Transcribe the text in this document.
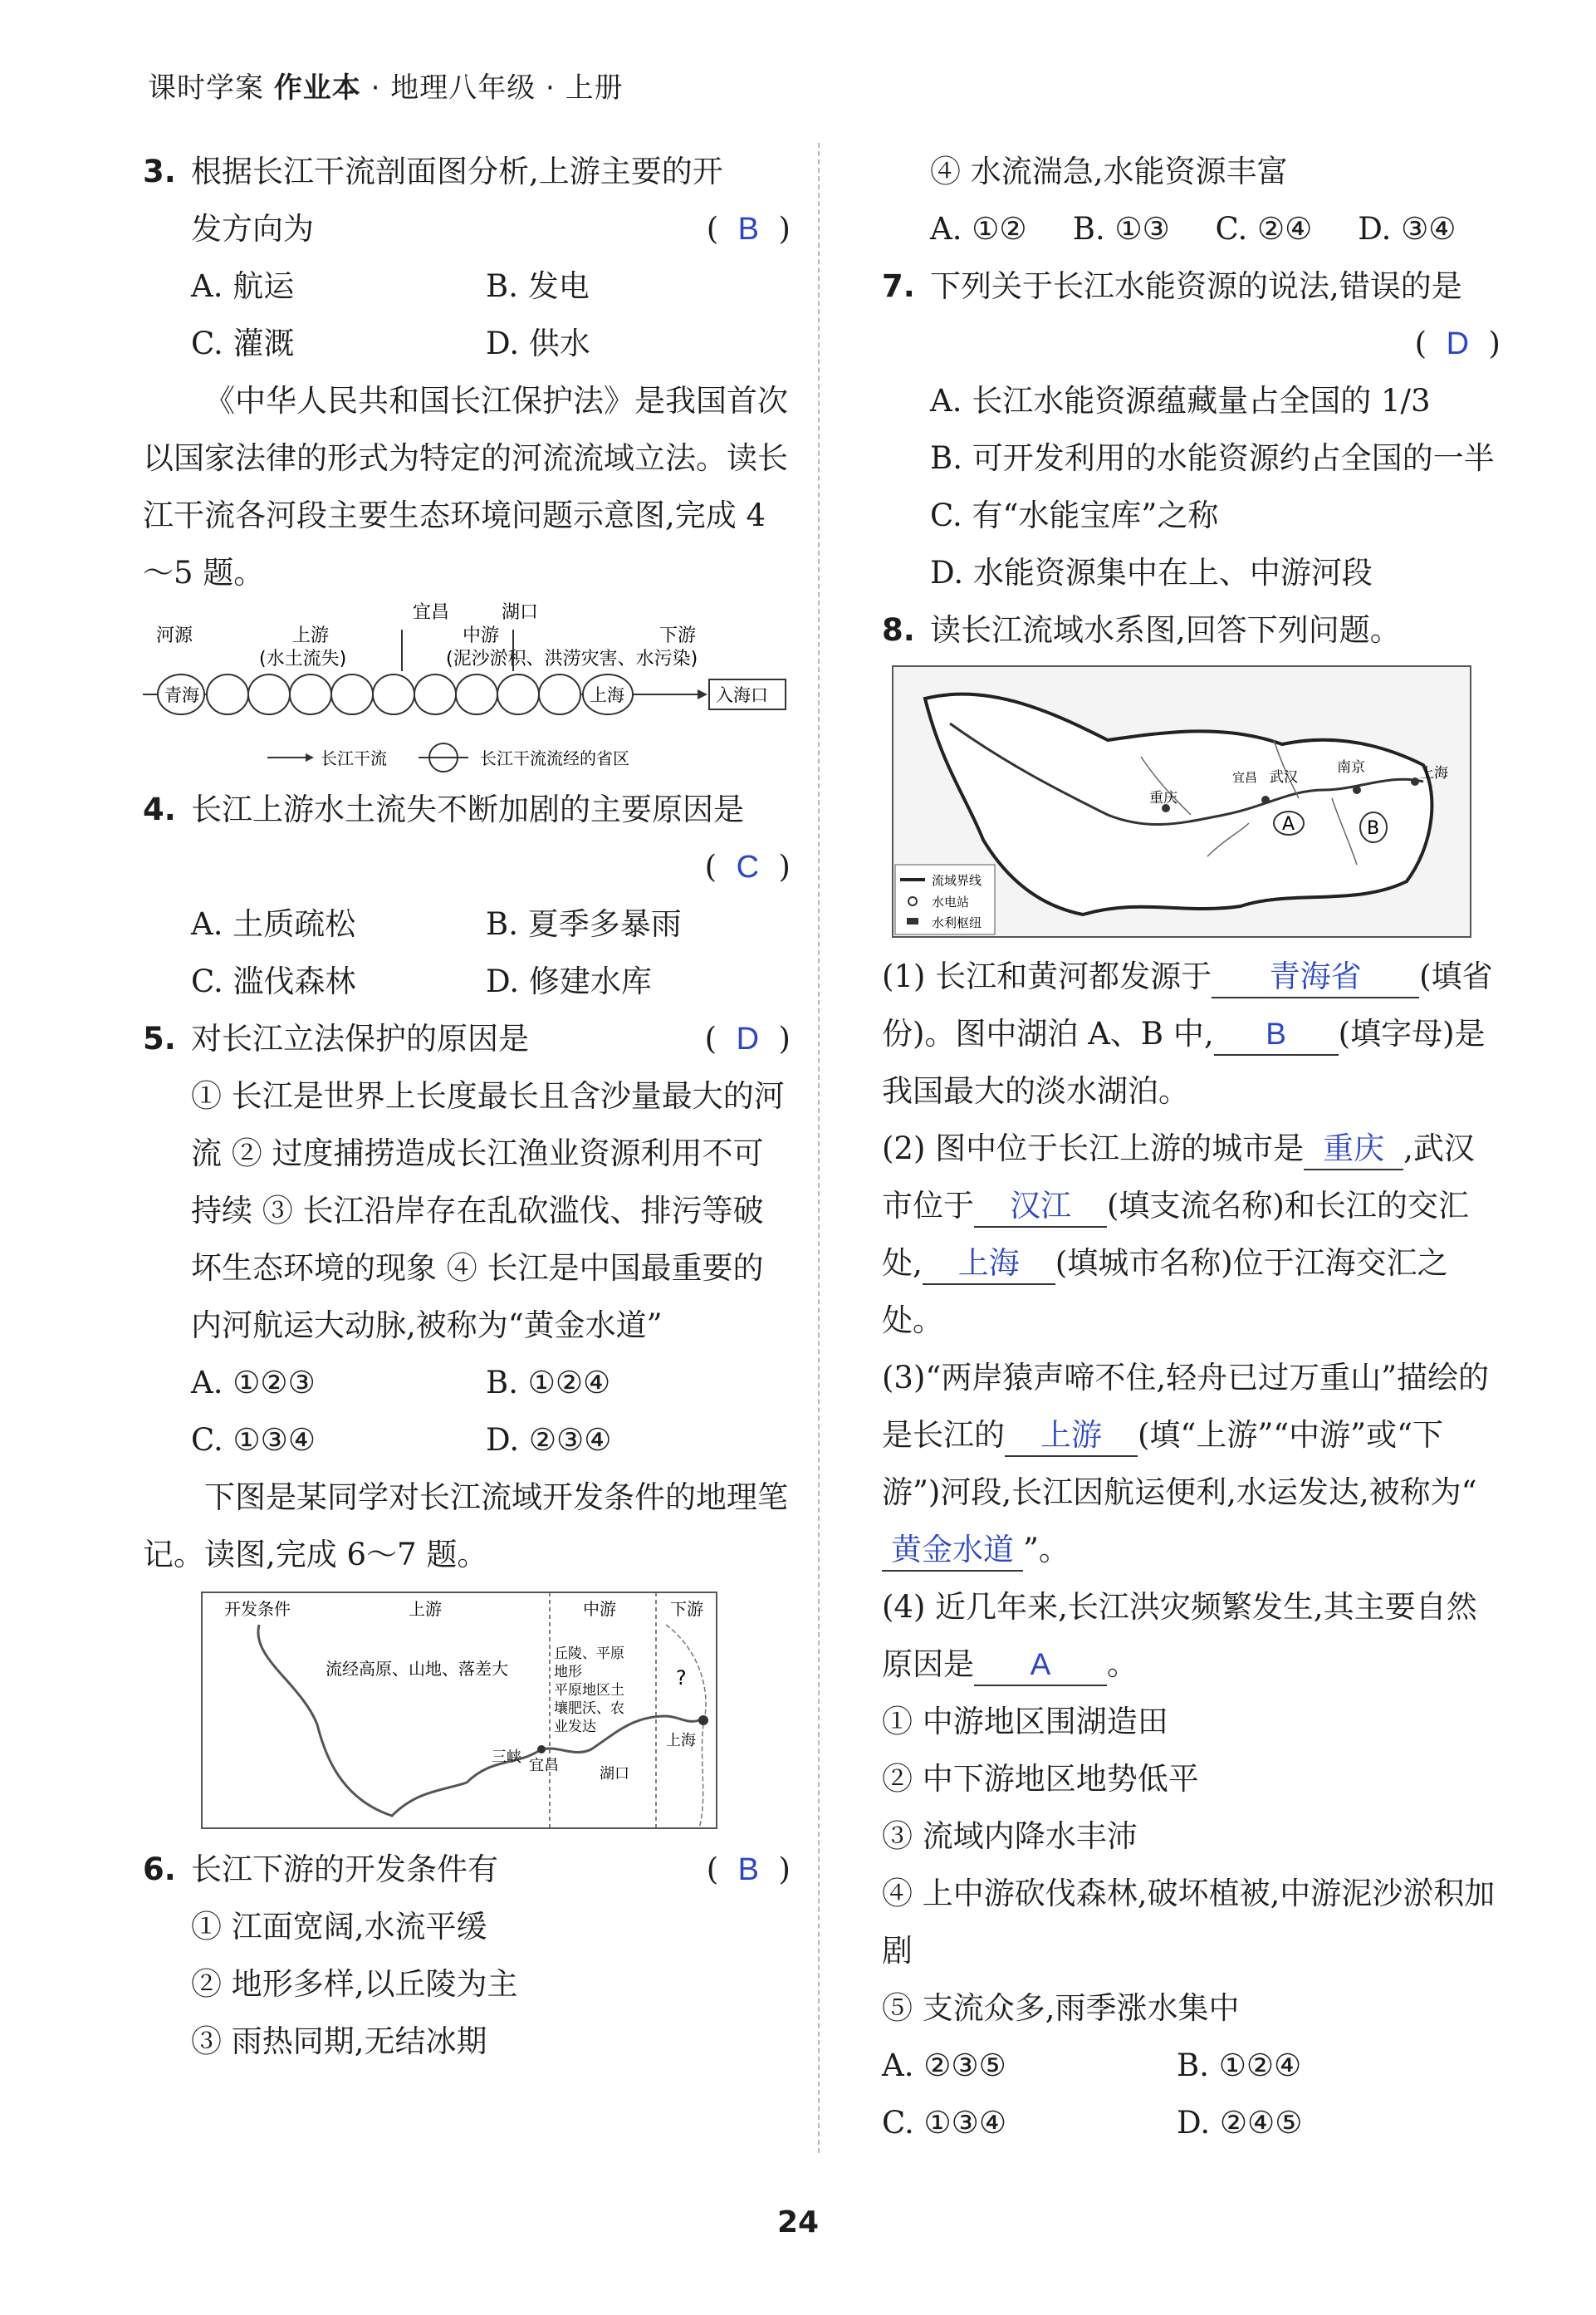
课时学案 作业本 · 地理八年级 · 上册
3. 根据长江干流剖面图分析,上游主要的开
发方向为	(  B  )
A. 航运	B. 发电
C. 灌溉	D. 供水
《中华人民共和国长江保护法》是我国首次以国家法律的形式为特定的河流流域立法。读长江干流各河段主要生态环境问题示意图,完成 4～5 题。
河源	上游
(水土流失)
宜昌	湖口
中游	下游
(泥沙淤积、洪涝灾害、水污染)
青海	上海	入海口
长江干流	长江干流流经的省区
4. 长江上游水土流失不断加剧的主要原因是
(  C  )
A. 土质疏松	B. 夏季多暴雨
C. 滥伐森林	D. 修建水库
5. 对长江立法保护的原因是	(  D  )
① 长江是世界上长度最长且含沙量最大的河流 ② 过度捕捞造成长江渔业资源利用不可持续 ③ 长江沿岸存在乱砍滥伐、排污等破坏生态环境的现象 ④ 长江是中国最重要的内河航运大动脉,被称为“黄金水道”
A. ①②③	B. ①②④
C. ①③④	D. ②③④
下图是某同学对长江流域开发条件的地理笔记。读图,完成 6～7 题。
开发条件	上游	中游	下游
流经高原、山地、落差大
丘陵、平原
地形
平原地区土
壤肥沃、农
业发达
?
三峡 宜昌	湖口
上海
6. 长江下游的开发条件有	(  B  )
① 江面宽阔,水流平缓
② 地形多样,以丘陵为主
③ 雨热同期,无结冰期
④ 水流湍急,水能资源丰富
A. ①②	B. ①③	C. ②④	D. ③④
7. 下列关于长江水能资源的说法,错误的是
(  D  )
A. 长江水能资源蕴藏量占全国的 1/3
B. 可开发利用的水能资源约占全国的一半
C. 有“水能宝库”之称
D. 水能资源集中在上、中游河段
8. 读长江流域水系图,回答下列问题。
A	B
重庆
宜昌 武汉
南京	上海
流域界线
水电站
水利枢纽
(1) 长江和黄河都发源于 青海省 (填省份)。图中湖泊 A、B 中, B (填字母)是我国最大的淡水湖泊。
(2) 图中位于长江上游的城市是 重庆 ,武汉市位于 汉江 (填支流名称)和长江的交汇处, 上海 (填城市名称)位于江海交汇之处。
(3)“两岸猿声啼不住,轻舟已过万重山”描绘的是长江的 上游 (填“上游”“中游”或“下游”)河段,长江因航运便利,水运发达,被称为“黄金水道 ”。
(4) 近几年来,长江洪灾频繁发生,其主要自然原因是 A 。
① 中游地区围湖造田
② 中下游地区地势低平
③ 流域内降水丰沛
④ 上中游砍伐森林,破坏植被,中游泥沙淤积加剧
⑤ 支流众多,雨季涨水集中
A. ②③⑤	B. ①②④
C. ①③④	D. ②④⑤
24
